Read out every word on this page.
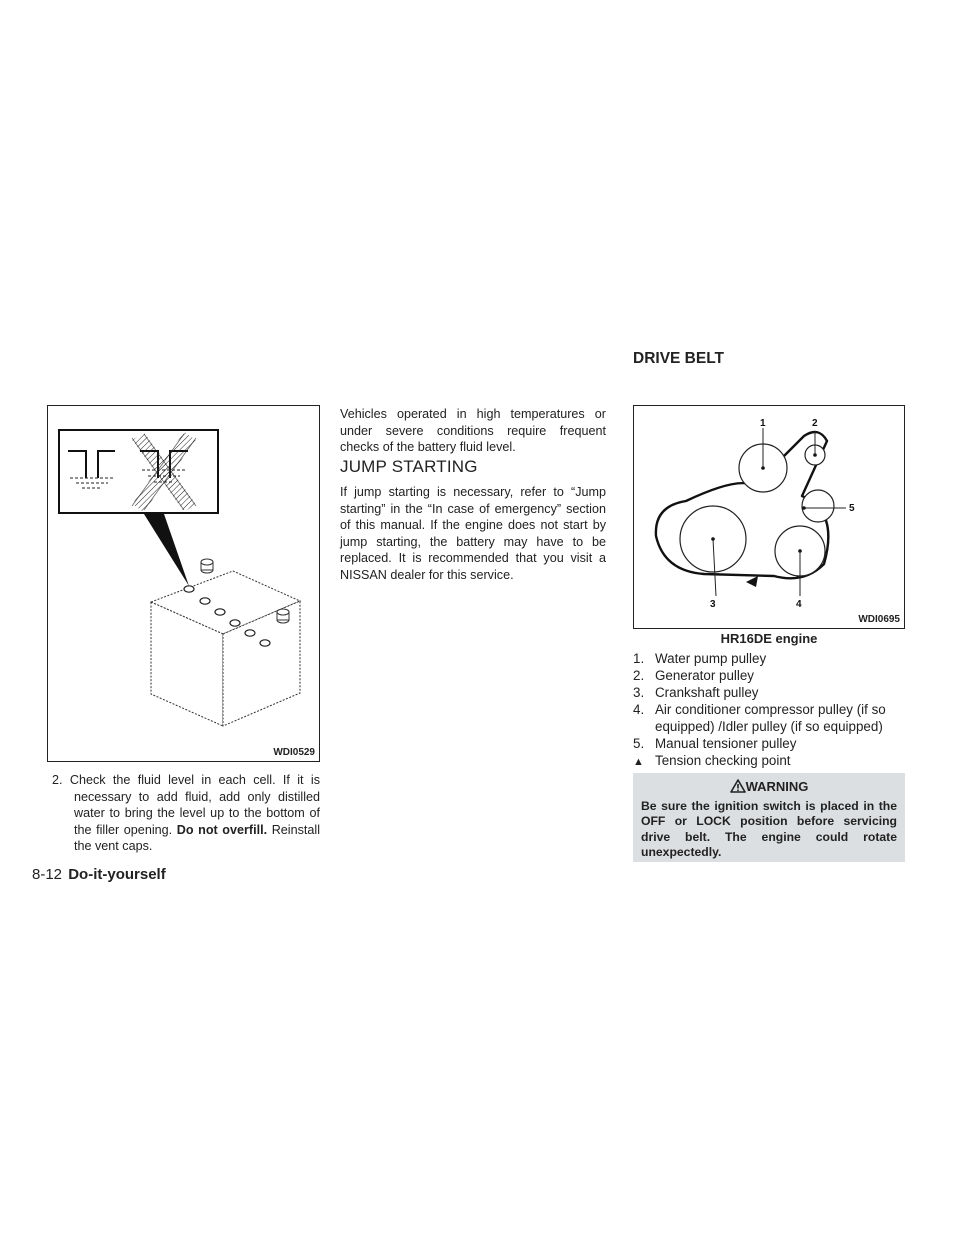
WDI0529
2. Check the fluid level in each cell. If it is necessary to add fluid, add only distilled water to bring the level up to the bottom of the filler opening. Do not overfill. Reinstall the vent caps.
Vehicles operated in high temperatures or under severe conditions require frequent checks of the battery fluid level.
JUMP STARTING
If jump starting is necessary, refer to “Jump starting” in the “In case of emergency” section of this manual. If the engine does not start by jump starting, the battery may have to be replaced. It is recommended that you visit a NISSAN dealer for this service.
DRIVE BELT
1	2
5
3	4
WDI0695
HR16DE engine
1. Water pump pulley
2. Generator pulley
3. Crankshaft pulley
4. Air conditioner compressor pulley (if so equipped) /Idler pulley (if so equipped)
5. Manual tensioner pulley
▲ Tension checking point
WARNING
Be sure the ignition switch is placed in the OFF or LOCK position before servicing drive belt. The engine could rotate unexpectedly.
8-12 Do-it-yourself
